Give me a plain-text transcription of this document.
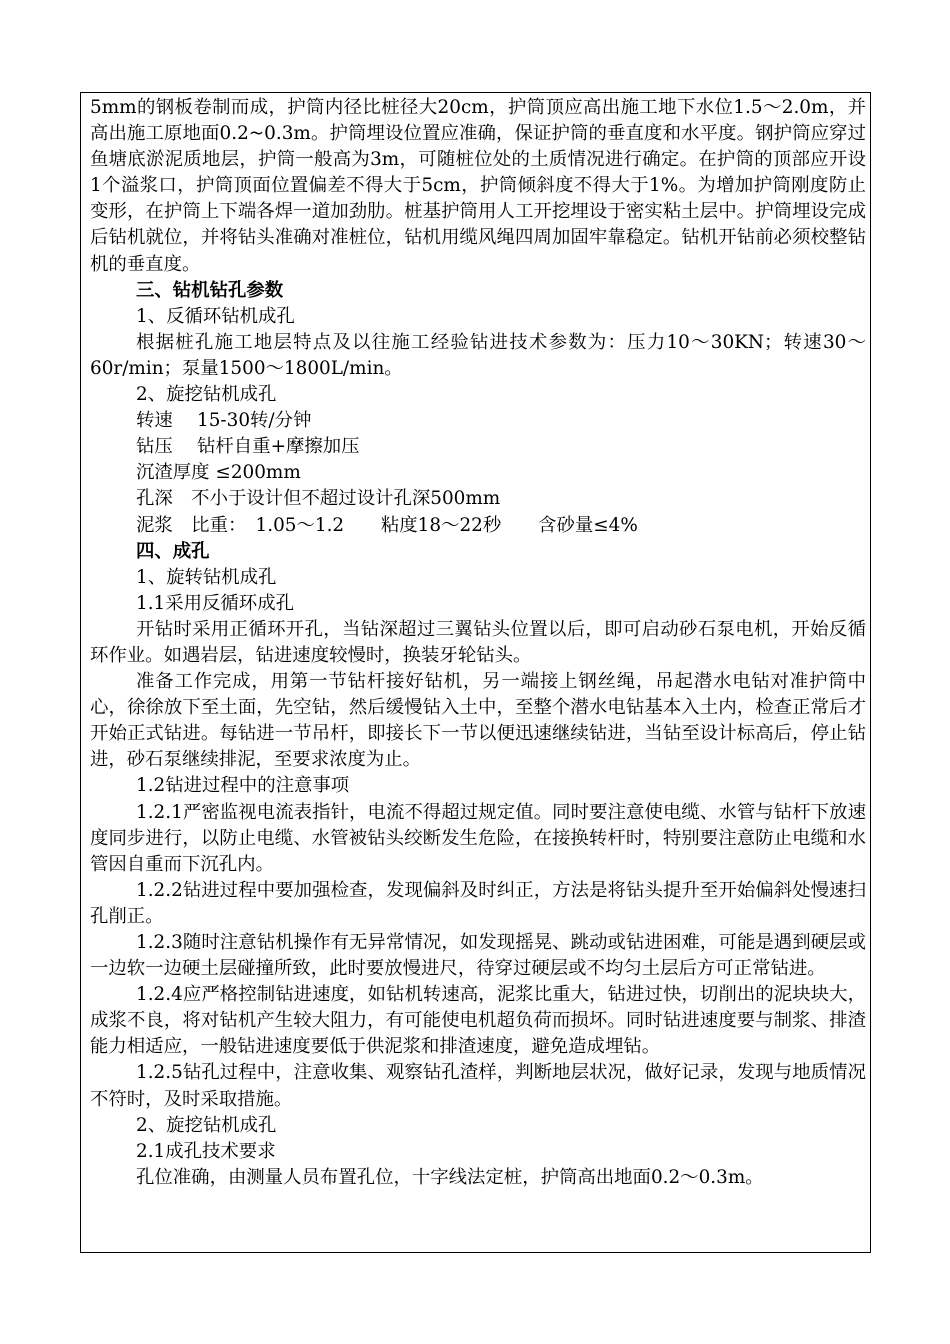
5mm的钢板卷制而成，护筒内径比桩径大20cm，护筒顶应高出施工地下水位1.5～2.0m，并高出施工原地面0.2~0.3m。护筒埋设位置应准确，保证护筒的垂直度和水平度。钢护筒应穿过鱼塘底淤泥质地层，护筒一般高为3m，可随桩位处的土质情况进行确定。在护筒的顶部应开设1个溢浆口，护筒顶面位置偏差不得大于5cm，护筒倾斜度不得大于1%。为增加护筒刚度防止变形，在护筒上下端各焊一道加劲肋。桩基护筒用人工开挖埋设于密实粘土层中。护筒埋设完成后钻机就位，并将钻头准确对准桩位，钻机用缆风绳四周加固牢靠稳定。钻机开钻前必须校整钻机的垂直度。

三、钻机钻孔参数

1、反循环钻机成孔

根据桩孔施工地层特点及以往施工经验钻进技术参数为：压力10～30KN；转速30～60r/min；泵量1500～1800L/min。

2、旋挖钻机成孔

转速　 15-30转/分钟

钻压　 钻杆自重+摩擦加压

沉渣厚度 ≤200mm

孔深　不小于设计但不超过设计孔深500mm

泥浆　比重：　1.05～1.2　　粘度18～22秒　　含砂量≤4%

四、成孔

1、旋转钻机成孔

1.1采用反循环成孔

开钻时采用正循环开孔，当钻深超过三翼钻头位置以后，即可启动砂石泵电机，开始反循环作业。如遇岩层，钻进速度较慢时，换装牙轮钻头。

准备工作完成，用第一节钻杆接好钻机，另一端接上钢丝绳，吊起潜水电钻对准护筒中心，徐徐放下至土面，先空钻，然后缓慢钻入土中，至整个潜水电钻基本入土内，检查正常后才开始正式钻进。每钻进一节吊杆，即接长下一节以便迅速继续钻进，当钻至设计标高后，停止钻进，砂石泵继续排泥，至要求浓度为止。

1.2钻进过程中的注意事项

1.2.1严密监视电流表指针，电流不得超过规定值。同时要注意使电缆、水管与钻杆下放速度同步进行，以防止电缆、水管被钻头绞断发生危险，在接换转杆时，特别要注意防止电缆和水管因自重而下沉孔内。

1.2.2钻进过程中要加强检查，发现偏斜及时纠正，方法是将钻头提升至开始偏斜处慢速扫孔削正。

1.2.3随时注意钻机操作有无异常情况，如发现摇晃、跳动或钻进困难，可能是遇到硬层或一边软一边硬土层碰撞所致，此时要放慢进尺，待穿过硬层或不均匀土层后方可正常钻进。

1.2.4应严格控制钻进速度，如钻机转速高，泥浆比重大，钻进过快，切削出的泥块块大，成浆不良，将对钻机产生较大阻力，有可能使电机超负荷而损坏。同时钻进速度要与制浆、排渣能力相适应，一般钻进速度要低于供泥浆和排渣速度，避免造成埋钻。

1.2.5钻孔过程中，注意收集、观察钻孔渣样，判断地层状况，做好记录，发现与地质情况不符时，及时采取措施。

2、旋挖钻机成孔

2.1成孔技术要求

孔位准确，由测量人员布置孔位，十字线法定桩，护筒高出地面0.2～0.3m。
